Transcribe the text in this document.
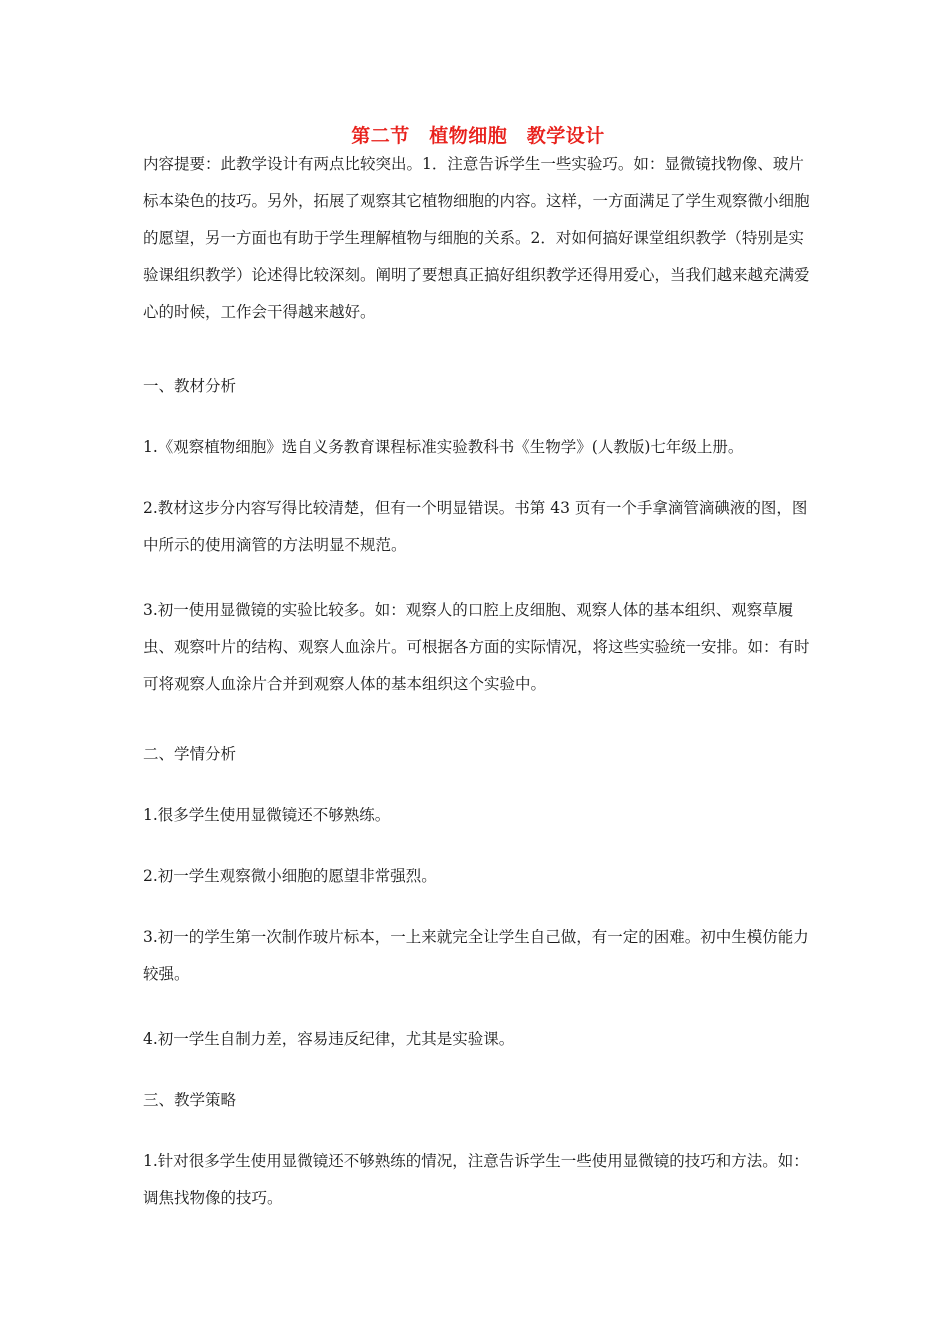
第二节　植物细胞　教学设计

内容提要：此教学设计有两点比较突出。1．注意告诉学生一些实验巧。如：显微镜找物像、玻片标本染色的技巧。另外，拓展了观察其它植物细胞的内容。这样，一方面满足了学生观察微小细胞的愿望，另一方面也有助于学生理解植物与细胞的关系。2．对如何搞好课堂组织教学（特别是实验课组织教学）论述得比较深刻。阐明了要想真正搞好组织教学还得用爱心，当我们越来越充满爱心的时候，工作会干得越来越好。

一、教材分析

1.《观察植物细胞》选自义务教育课程标准实验教科书《生物学》(人教版)七年级上册。

2.教材这步分内容写得比较清楚，但有一个明显错误。书第 43 页有一个手拿滴管滴碘液的图，图中所示的使用滴管的方法明显不规范。

3.初一使用显微镜的实验比较多。如：观察人的口腔上皮细胞、观察人体的基本组织、观察草履虫、观察叶片的结构、观察人血涂片。可根据各方面的实际情况，将这些实验统一安排。如：有时可将观察人血涂片合并到观察人体的基本组织这个实验中。

二、学情分析

1.很多学生使用显微镜还不够熟练。

2.初一学生观察微小细胞的愿望非常强烈。

3.初一的学生第一次制作玻片标本，一上来就完全让学生自己做，有一定的困难。初中生模仿能力较强。

4.初一学生自制力差，容易违反纪律，尤其是实验课。

三、教学策略

1.针对很多学生使用显微镜还不够熟练的情况，注意告诉学生一些使用显微镜的技巧和方法。如：调焦找物像的技巧。
